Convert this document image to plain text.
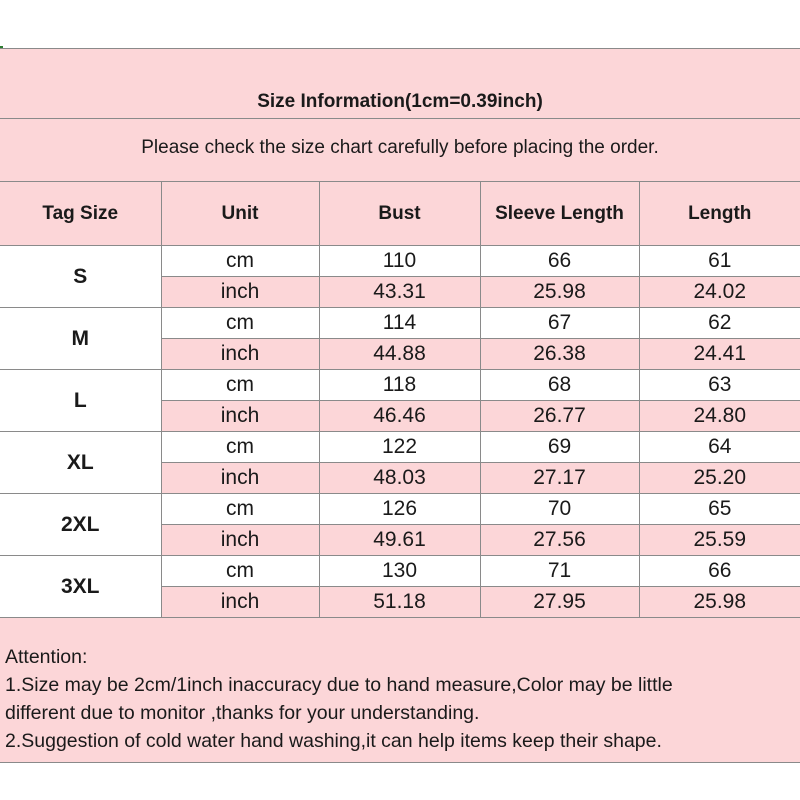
Size Information(1cm=0.39inch)
Please check the size chart carefully before placing the order.
Tag Size	Unit	Bust	Sleeve Length	Length
S	cm	110	66	61
	inch	43.31	25.98	24.02
M	cm	114	67	62
	inch	44.88	26.38	24.41
L	cm	118	68	63
	inch	46.46	26.77	24.80
XL	cm	122	69	64
	inch	48.03	27.17	25.20
2XL	cm	126	70	65
	inch	49.61	27.56	25.59
3XL	cm	130	71	66
	inch	51.18	27.95	25.98
Attention:
1.Size may be 2cm/1inch inaccuracy due to hand measure,Color may be little
different due to monitor ,thanks for your understanding.
2.Suggestion of cold water hand washing,it can help items keep their shape.
